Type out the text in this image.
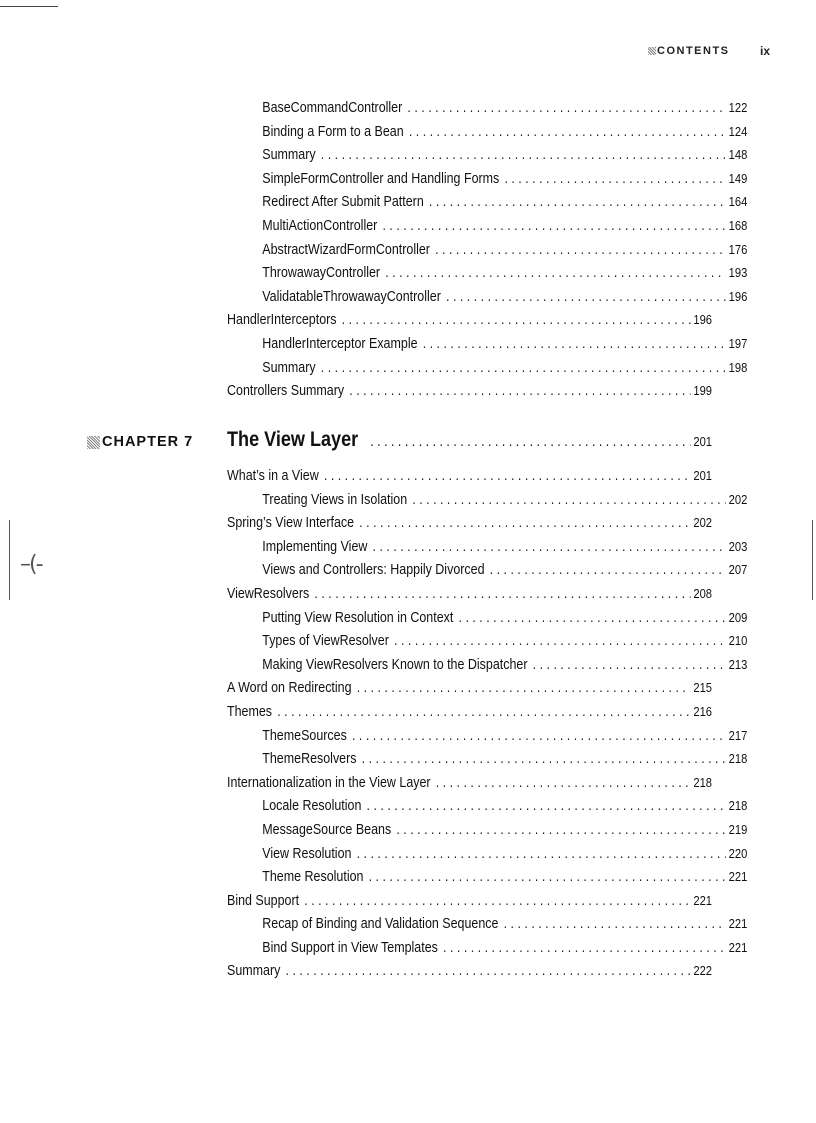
–(‐
CONTENTS	ix
BaseCommandController . . .	122
Binding a Form to a Bean . . .	124
Summary . . .	148
SimpleFormController and Handling Forms . . .	149
Redirect After Submit Pattern . . .	164
MultiActionController . . .	168
AbstractWizardFormController . . .	176
ThrowawayController . . .	193
ValidatableThrowawayController . . .	196
HandlerInterceptors . . .	196
HandlerInterceptor Example . . .	197
Summary . . .	198
Controllers Summary . . .	199
CHAPTER 7 The View Layer . . .	201
What’s in a View . . .	201
Treating Views in Isolation . . .	202
Spring’s View Interface . . .	202
Implementing View . . .	203
Views and Controllers: Happily Divorced . . .	207
ViewResolvers . . .	208
Putting View Resolution in Context . . .	209
Types of ViewResolver . . .	210
Making ViewResolvers Known to the Dispatcher . . .	213
A Word on Redirecting . . .	215
Themes . . .	216
ThemeSources . . .	217
ThemeResolvers . . .	218
Internationalization in the View Layer . . .	218
Locale Resolution . . .	218
MessageSource Beans . . .	219
View Resolution . . .	220
Theme Resolution . . .	221
Bind Support . . .	221
Recap of Binding and Validation Sequence . . .	221
Bind Support in View Templates . . .	221
Summary . . .	222
